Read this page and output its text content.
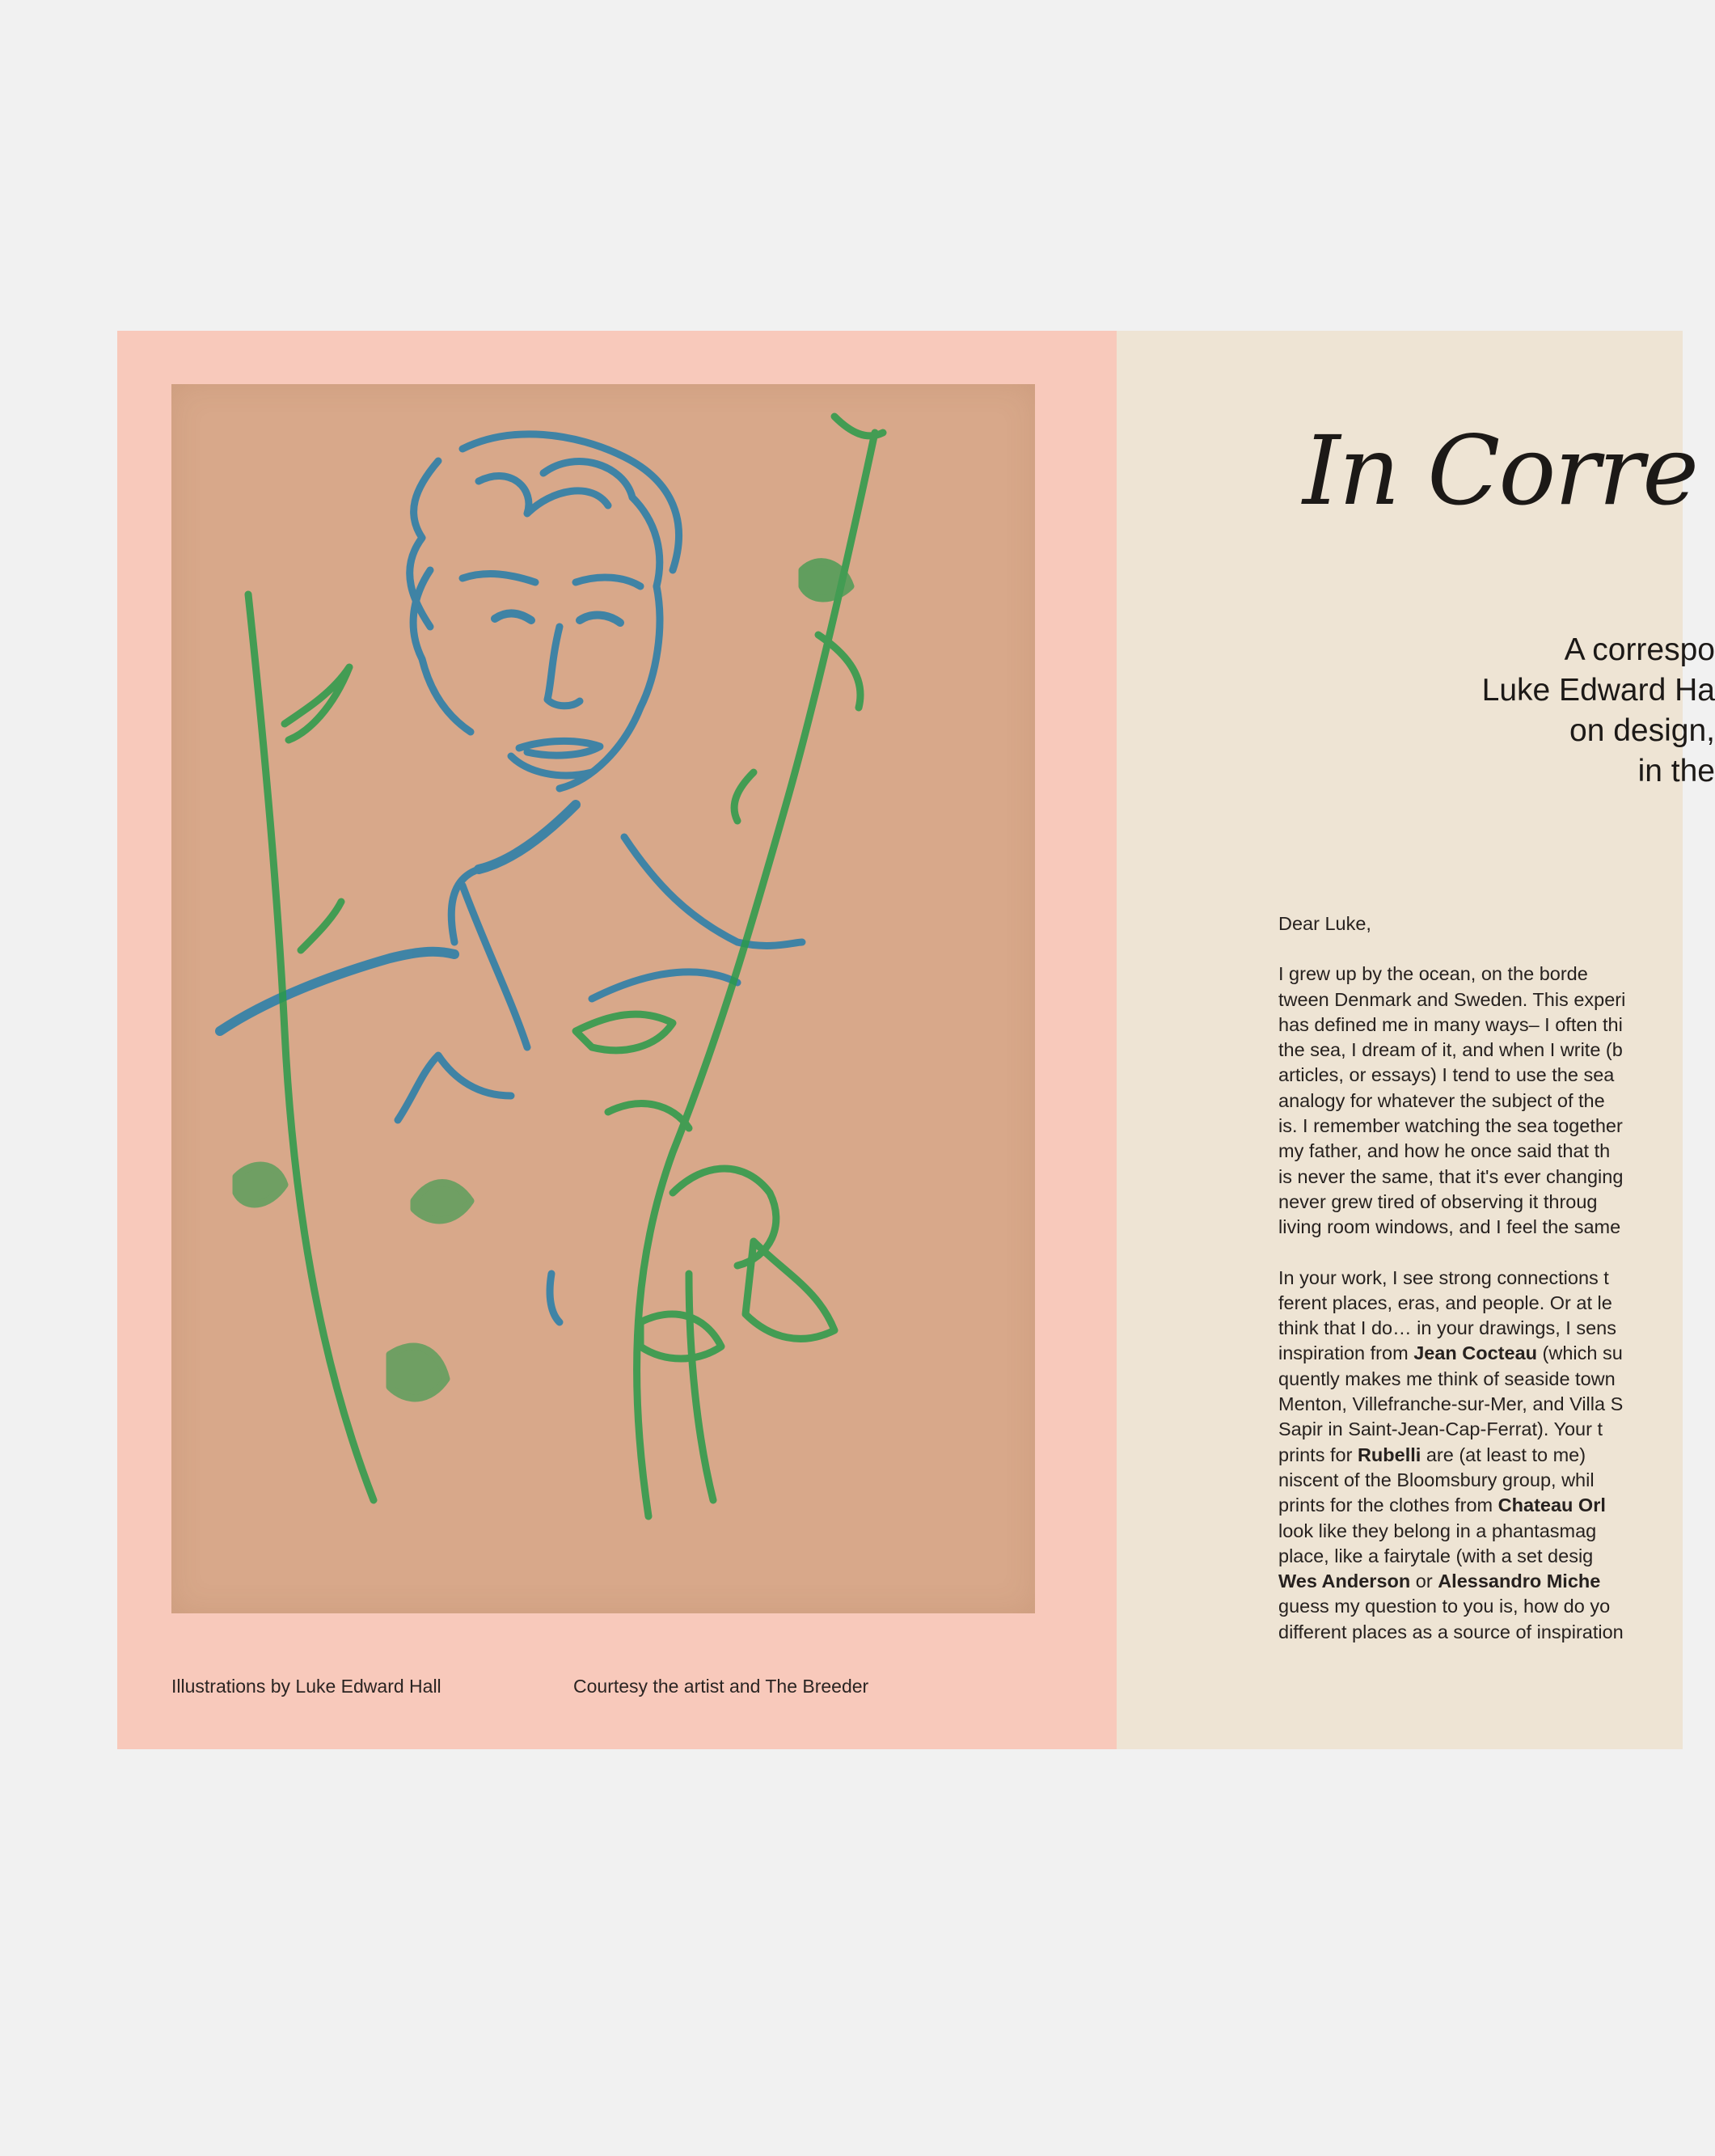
Illustrations by Luke Edward Hall	Courtesy the artist and The Breeder
In Corre
A correspo
Luke Edward Ha
on design,
in the

Dear Luke,

I grew up by the ocean, on the borde
tween Denmark and Sweden. This experi
has defined me in many ways– I often thi
the sea, I dream of it, and when I write (b
articles, or essays) I tend to use the sea
analogy for whatever the subject of the
is. I remember watching the sea together
my father, and how he once said that th
is never the same, that it's ever changing
never grew tired of observing it throug
living room windows, and I feel the same

In your work, I see strong connections t
ferent places, eras, and people. Or at le
think that I do… in your drawings, I sens
inspiration from Jean Cocteau (which su
quently makes me think of seaside town
Menton, Villefranche-sur-Mer, and Villa S
Sapir in Saint-Jean-Cap-Ferrat). Your t
prints for Rubelli are (at least to me)
niscent of the Bloomsbury group, whil
prints for the clothes from Chateau Orl
look like they belong in a phantasmag
place, like a fairytale (with a set desig
Wes Anderson or Alessandro Miche
guess my question to you is, how do yo
different places as a source of inspiration
